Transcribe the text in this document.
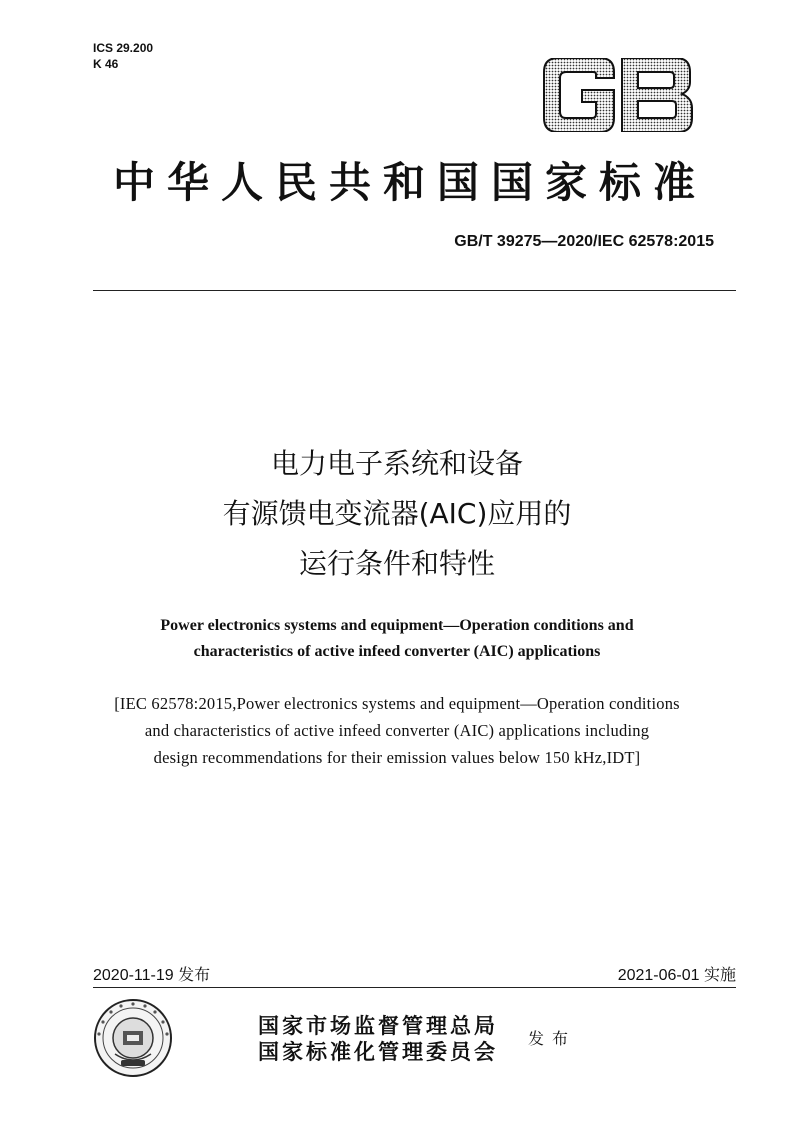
ICS 29.200
K 46	GB
中华人民共和国国家标准
GB/T 39275—2020/IEC 62578:2015
电力电子系统和设备
有源馈电变流器(AIC)应用的
运行条件和特性
Power electronics systems and equipment—Operation conditions and
characteristics of active infeed converter (AIC) applications
[IEC 62578:2015,Power electronics systems and equipment—Operation conditions
and characteristics of active infeed converter (AIC) applications including
design recommendations for their emission values below 150 kHz,IDT]
2020-11-19 发布	2021-06-01 实施
国家市场监督管理总局
国家标准化管理委员会
发布
